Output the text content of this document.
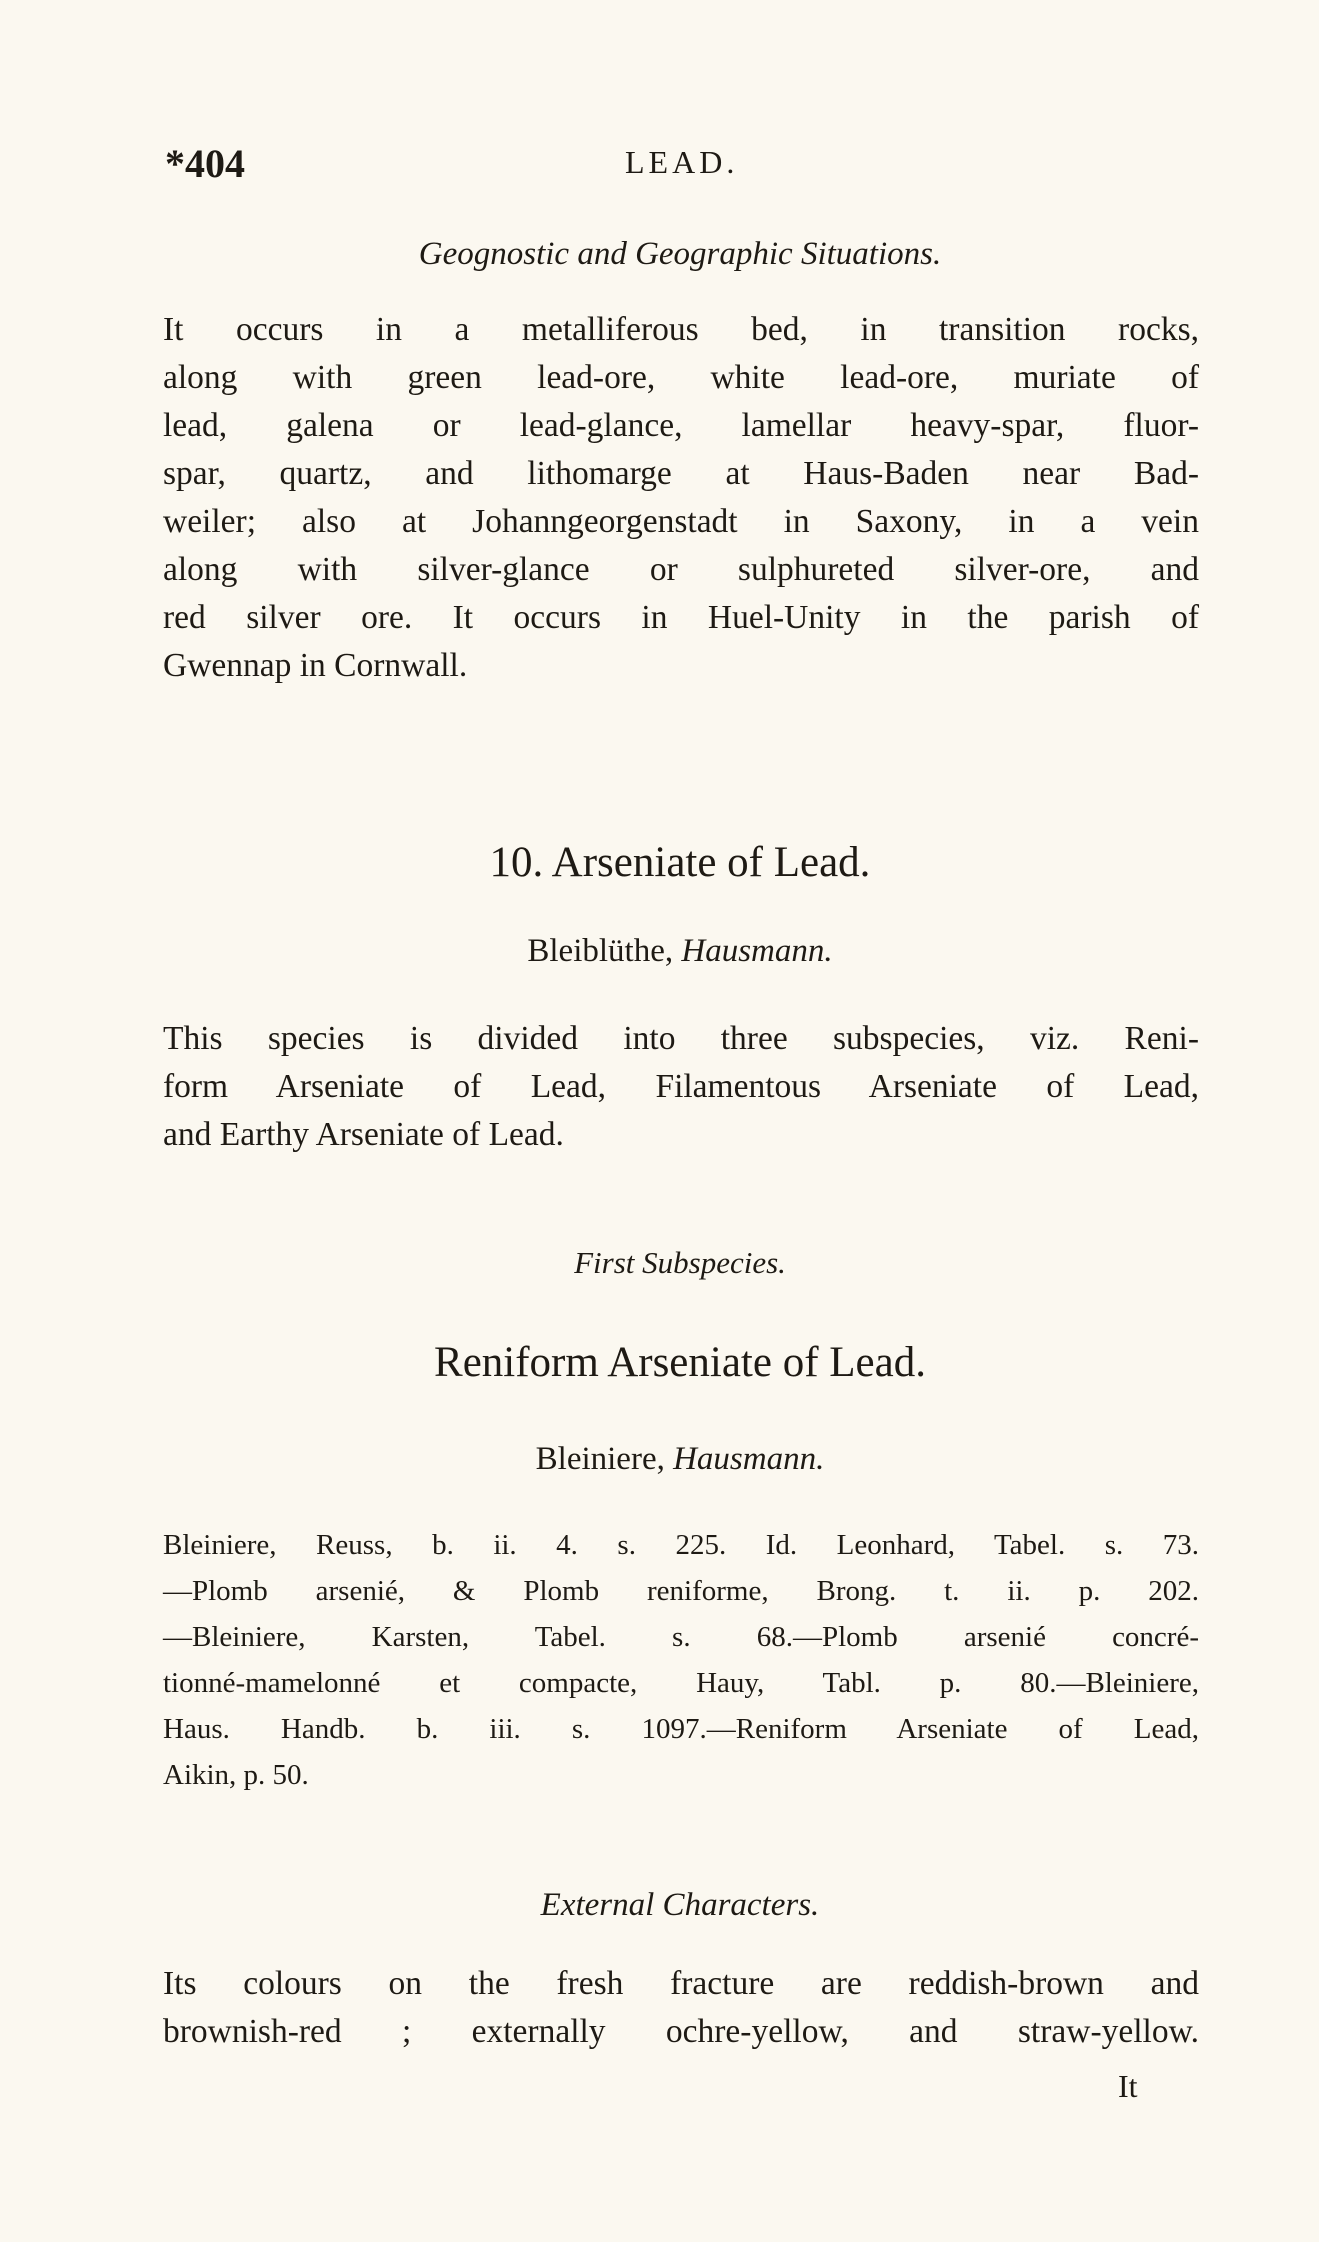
*404	LEAD.
Geognostic and Geographic Situations.
It occurs in a metalliferous bed, in transition rocks,
along with green lead-ore, white lead-ore, muriate of
lead, galena or lead-glance, lamellar heavy-spar, fluor-
spar, quartz, and lithomarge at Haus-Baden near Bad-
weiler; also at Johanngeorgenstadt in Saxony, in a vein
along with silver-glance or sulphureted silver-ore, and
red silver ore. It occurs in Huel-Unity in the parish of
Gwennap in Cornwall.
10. Arseniate of Lead.
Bleiblüthe, Hausmann.
This species is divided into three subspecies, viz. Reni-
form Arseniate of Lead, Filamentous Arseniate of Lead,
and Earthy Arseniate of Lead.
First Subspecies.
Reniform Arseniate of Lead.
Bleiniere, Hausmann.
Bleiniere, Reuss, b. ii. 4. s. 225. Id. Leonhard, Tabel. s. 73.
—Plomb arsenié, & Plomb reniforme, Brong. t. ii. p. 202.
—Bleiniere, Karsten, Tabel. s. 68.—Plomb arsenié concré-
tionné-mamelonné et compacte, Hauy, Tabl. p. 80.—Bleiniere,
Haus. Handb. b. iii. s. 1097.—Reniform Arseniate of Lead,
Aikin, p. 50.
External Characters.
Its colours on the fresh fracture are reddish-brown and
brownish-red ; externally ochre-yellow, and straw-yellow.
It
